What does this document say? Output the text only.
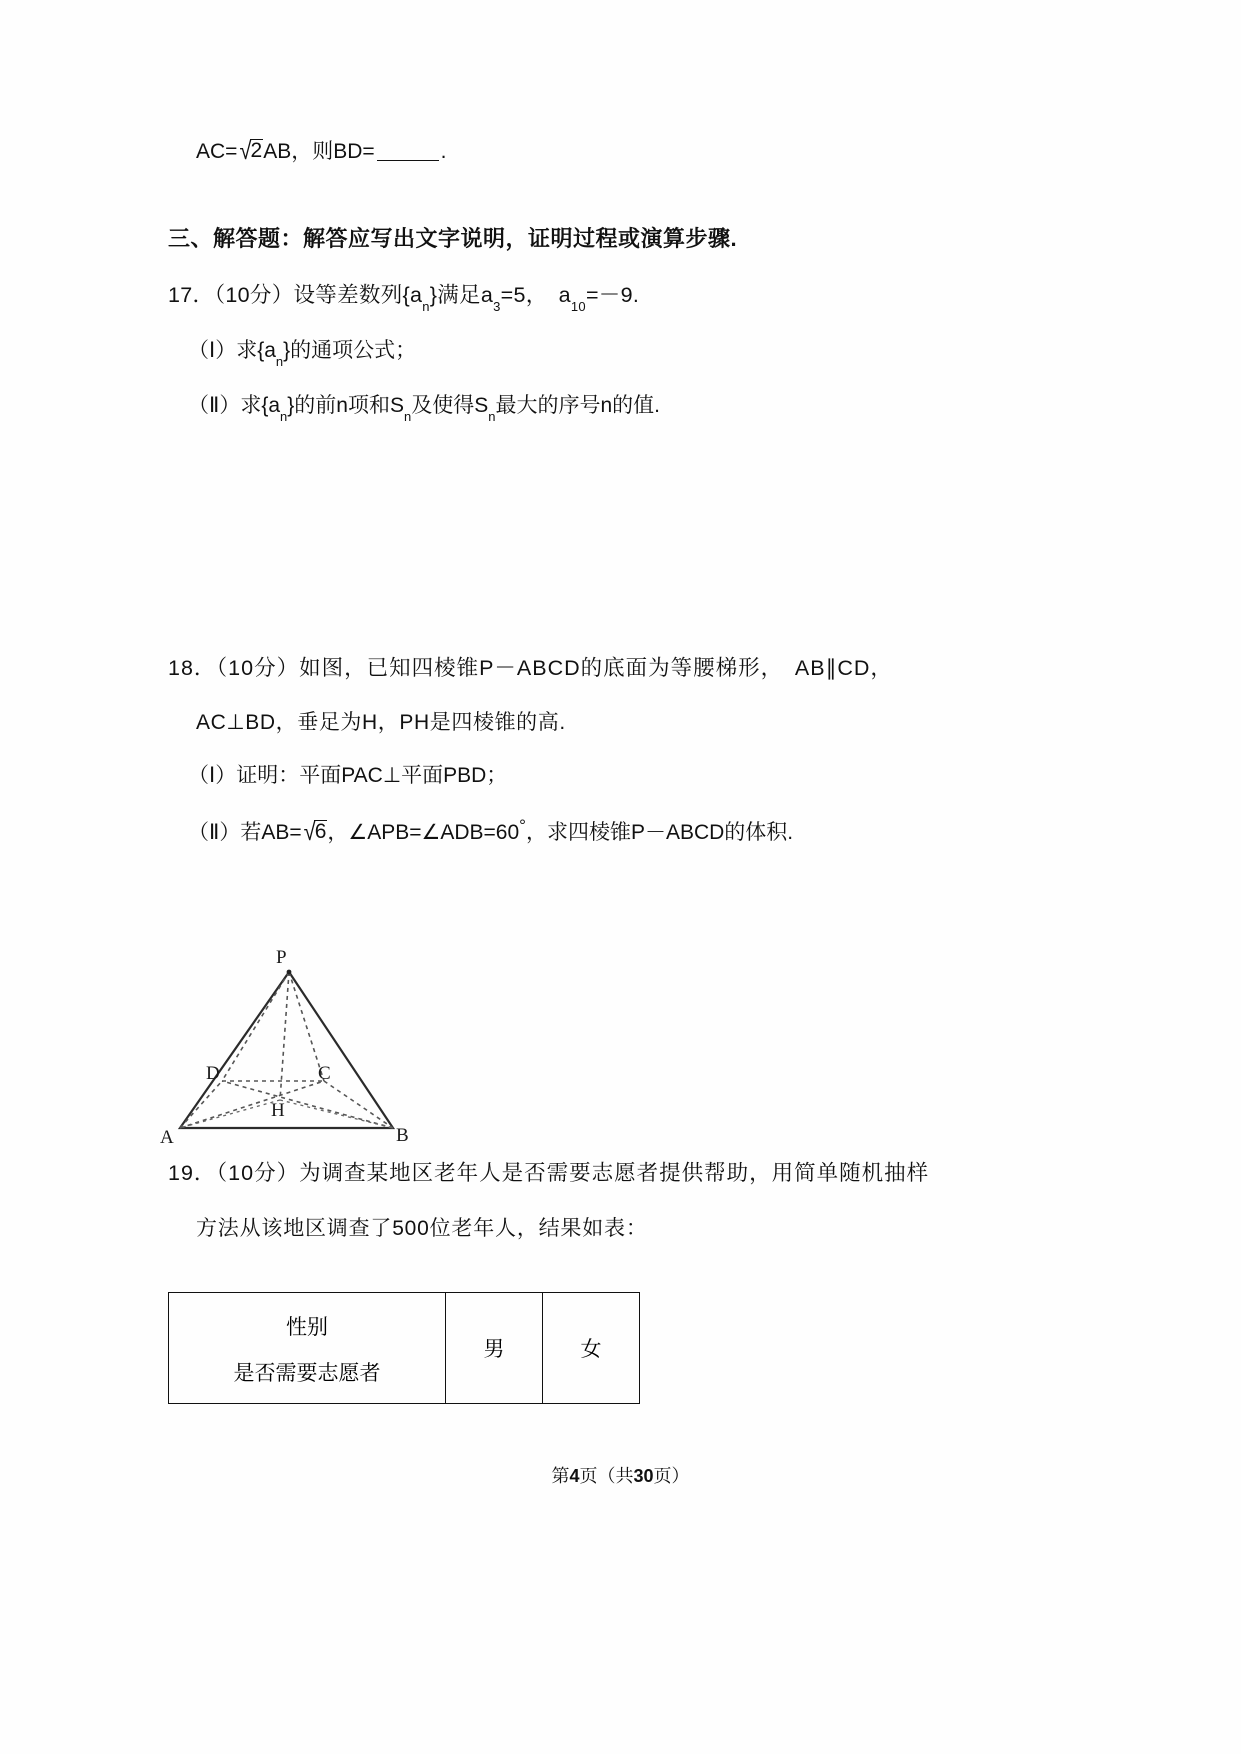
AC=√2AB，则BD=	.
三、解答题：解答应写出文字说明，证明过程或演算步骤.
17．（10分）设等差数列$\{a_n\}$满足$a_3=5$，　$a_{10}=-9$.
（Ⅰ）求$\{a_n\}$的通项公式；
（Ⅱ）求$\{a_n\}$的前n项和$S_n$及使得$S_n$最大的序号n的值.
18．（10分）如图，已知四棱锥P－ABCD的底面为等腰梯形，　AB∥CD，
AC⊥BD，垂足为H，PH是四棱锥的高.
（Ⅰ）证明：平面PAC⊥平面PBD；
（Ⅱ）若AB=√6，∠APB=∠ADB=60°，求四棱锥P－ABCD的体积.
P
D	C
H
A	B
19．（10分）为调查某地区老年人是否需要志愿者提供帮助，用简单随机抽样
方法从该地区调查了500位老年人，结果如表：
性别
是否需要志愿者
	男	女
第4页（共30页）
